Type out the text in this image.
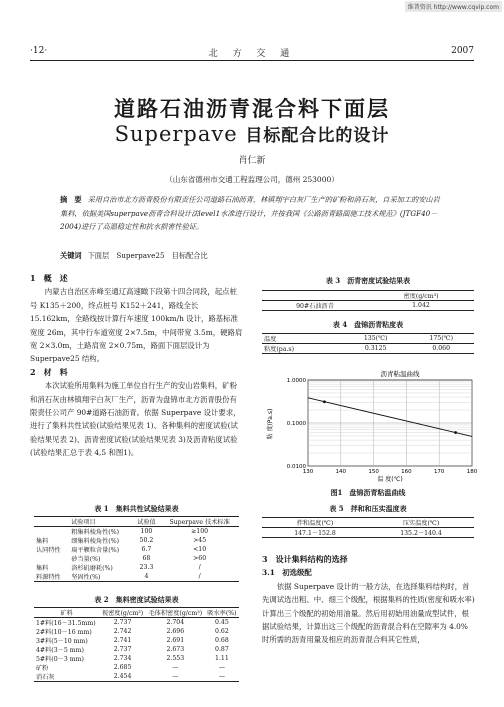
维普资讯 http://www.cqvip.com
·12·	北 方 交 通	2007
道路石油沥青混合料下面层
Superpave 目标配合比的设计
肖仁新
（山东省德州市交通工程监理公司，德州 253000）
摘　要 采用自治市北方沥青股份有限责任公司道路石油沥青，林镇翔宇白灰厂生产的矿粉和消石灰，自采加工的安山岩集料，依据美国superpave沥青合料设计法level1水准进行设计，并按我国《公路沥青路面施工技术规范》(JTGF40－2004)进行了高温稳定性和抗水损害性验证。
关键词 下面层　Superpave25　目标配合比
1　概　述

内蒙古自治区赤峰至通辽高速瞰下段第十四合同段，起点桩号 K135＋200，终点桩号 K152＋241，路线全长 15.162km，全路线按计算行车速度 100km/h 设计，路基标准宽度 26m，其中行车道宽度 2×7.5m，中间带宽 3.5m，硬路肩宽 2×3.0m，土路肩宽 2×0.75m，路面下面层设计为 Superpave25 结构。

2　材　料

本次试验所用集料为施工单位自行生产的安山岩集料，矿粉和消石灰由林镇翔宇白灰厂生产，沥青为盘锦市北方沥青股份有限责任公司产 90#道路石油沥青。依据 Superpave 设计要求，进行了集料共性试验(试验结果见表 1)、各种集料的密度试验(试验结果见表 2)、沥青密度试验(试验结果见表 3)及沥青粘度试验(试验结果汇总于表 4,5 和图1)。

表 1　集料共性试验结果表
试验项目		试验值	Superpave 技术标准
集料
认同特性	粗集料棱角性(%)	100	≥100
	细集料棱角性(%)	50.2	>45
	扁平颗粒含量(%)	6.7	<10
	砂当量(%)	68	>60
集料
料源特性	洛杉矶磨耗(%)	23.3	/
	坚固性(%)	4	/
表 2　集料密度试验结果表
矿料	视密度(g/cm³)	毛体积密度(g/cm³)	吸水率(%)
1#料(16－31.5mm)	2.737	2.704	0.45
2#料(10－16 mm)	2.742	2.696	0.62
3#料(5－10 mm)	2.741	2.691	0.68
4#料(3－5 mm)	2.737	2.673	0.87
5#料(0－3 mm)	2.734	2.553	1.11
矿粉	2.685	—	—
消石灰	2.454	—	—
表 3　沥青密度试验结果表
	密度(g/cm³)
90#石油沥青	1.042
表 4　盘锦沥青粘度表
温度	135(℃)	175(℃)
粘度(pa.s)	0.3125	0.060
沥青粘温曲线
130	140	150	160	170	180
1.0000
0.1000
0.0100
粘 度(Pa.s)
温 度(℃)
图1　盘锦沥青粘温曲线
表 5　拌和和压实温度表
拌和温度(℃)	压实温度(℃)
147.1－152.8	135.2－140.4
3　设计集料结构的选择
3.1　初选级配

依据 Superpave 设计的一般方法，在选择集料结构时，首先调试选出粗、中、细三个级配，根据集料的性质(密度和吸水率)计算出三个级配的初始用油量。然后用初始用油量成型试件，根据试验结果，计算出这三个级配的沥青混合料在空隙率为 4.0% 时所需的沥青用量及相应的沥青混合料其它性质，
